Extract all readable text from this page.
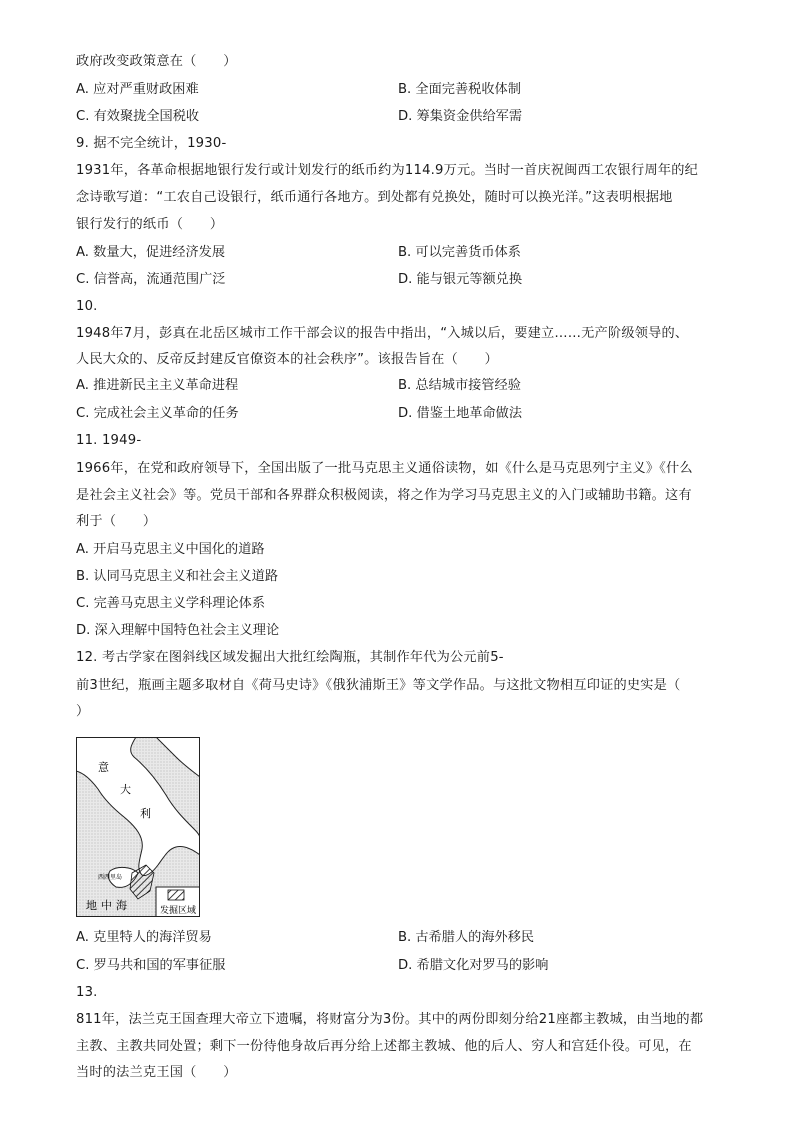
政府改变政策意在（　　）
A. 应对严重财政困难	B. 全面完善税收体制
C. 有效聚拢全国税收	D. 筹集资金供给军需
9. 据不完全统计，1930-
1931年，各革命根据地银行发行或计划发行的纸币约为114.9万元。当时一首庆祝闽西工农银行周年的纪
念诗歌写道：“工农自己设银行，纸币通行各地方。到处都有兑换处，随时可以换光洋。”这表明根据地
银行发行的纸币（　　）
A. 数量大，促进经济发展	B. 可以完善货币体系
C. 信誉高，流通范围广泛	D. 能与银元等额兑换
10.
1948年7月，彭真在北岳区城市工作干部会议的报告中指出，“入城以后，要建立……无产阶级领导的、
人民大众的、反帝反封建反官僚资本的社会秩序”。该报告旨在（　　）
A. 推进新民主主义革命进程	B. 总结城市接管经验
C. 完成社会主义革命的任务	D. 借鉴土地革命做法
11. 1949-
1966年，在党和政府领导下，全国出版了一批马克思主义通俗读物，如《什么是马克思列宁主义》《什么
是社会主义社会》等。党员干部和各界群众积极阅读，将之作为学习马克思主义的入门或辅助书籍。这有
利于（　　）
A. 开启马克思主义中国化的道路
B. 认同马克思主义和社会主义道路
C. 完善马克思主义学科理论体系
D. 深入理解中国特色社会主义理论
12. 考古学家在图斜线区域发掘出大批红绘陶瓶，其制作年代为公元前5-
前3世纪，瓶画主题多取材自《荷马史诗》《俄狄浦斯王》等文学作品。与这批文物相互印证的史实是（
）
发掘区域
意
大
利
西西里岛
地中海
A. 克里特人的海洋贸易	B. 古希腊人的海外移民
C. 罗马共和国的军事征服	D. 希腊文化对罗马的影响
13.
811年，法兰克王国查理大帝立下遗嘱，将财富分为3份。其中的两份即刻分给21座都主教城，由当地的都
主教、主教共同处置；剩下一份待他身故后再分给上述都主教城、他的后人、穷人和宫廷仆役。可见，在
当时的法兰克王国（　　）
